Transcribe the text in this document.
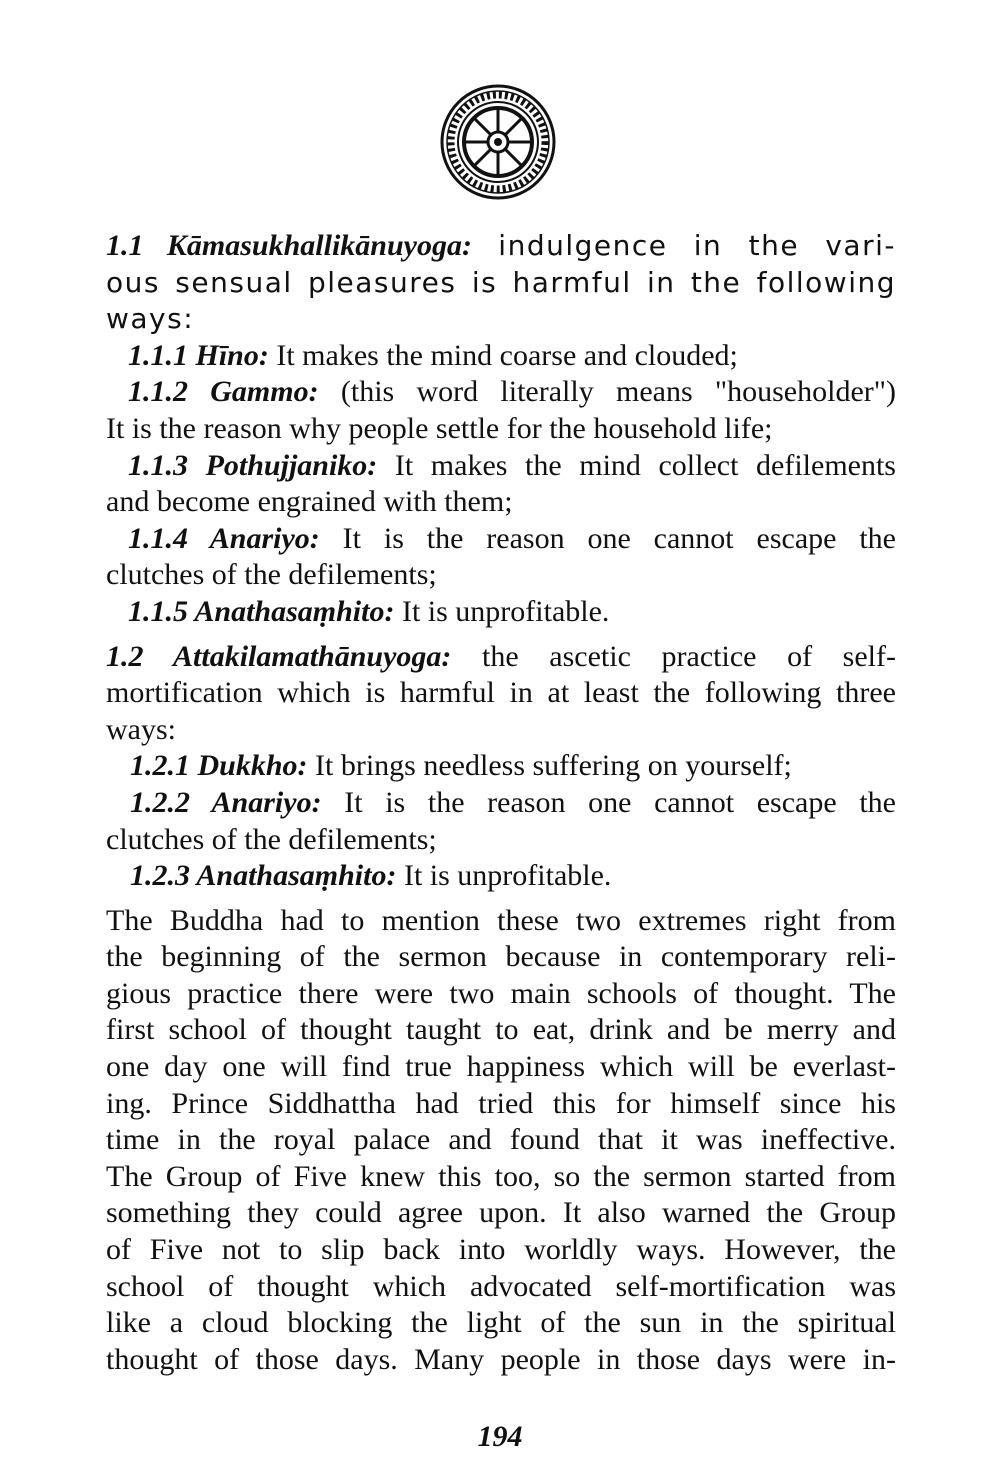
1.1 Kāmasukhallikānuyoga: indulgence in the vari-
ous sensual pleasures is harmful in the following
ways:
1.1.1 Hīno: It makes the mind coarse and clouded;
1.1.2 Gammo: (this word literally means "householder")
It is the reason why people settle for the household life;
1.1.3 Pothujjaniko: It makes the mind collect defilements
and become engrained with them;
1.1.4 Anariyo: It is the reason one cannot escape the
clutches of the defilements;
1.1.5 Anathasaṃhito: It is unprofitable.
1.2 Attakilamathānuyoga: the ascetic practice of self-
mortification which is harmful in at least the following three
ways:
1.2.1 Dukkho: It brings needless suffering on yourself;
1.2.2 Anariyo: It is the reason one cannot escape the
clutches of the defilements;
1.2.3 Anathasaṃhito: It is unprofitable.
The Buddha had to mention these two extremes right from
the beginning of the sermon because in contemporary reli-
gious practice there were two main schools of thought. The
first school of thought taught to eat, drink and be merry and
one day one will find true happiness which will be everlast-
ing. Prince Siddhattha had tried this for himself since his
time in the royal palace and found that it was ineffective.
The Group of Five knew this too, so the sermon started from
something they could agree upon. It also warned the Group
of Five not to slip back into worldly ways. However, the
school of thought which advocated self-mortification was
like a cloud blocking the light of the sun in the spiritual
thought of those days. Many people in those days were in-
194
